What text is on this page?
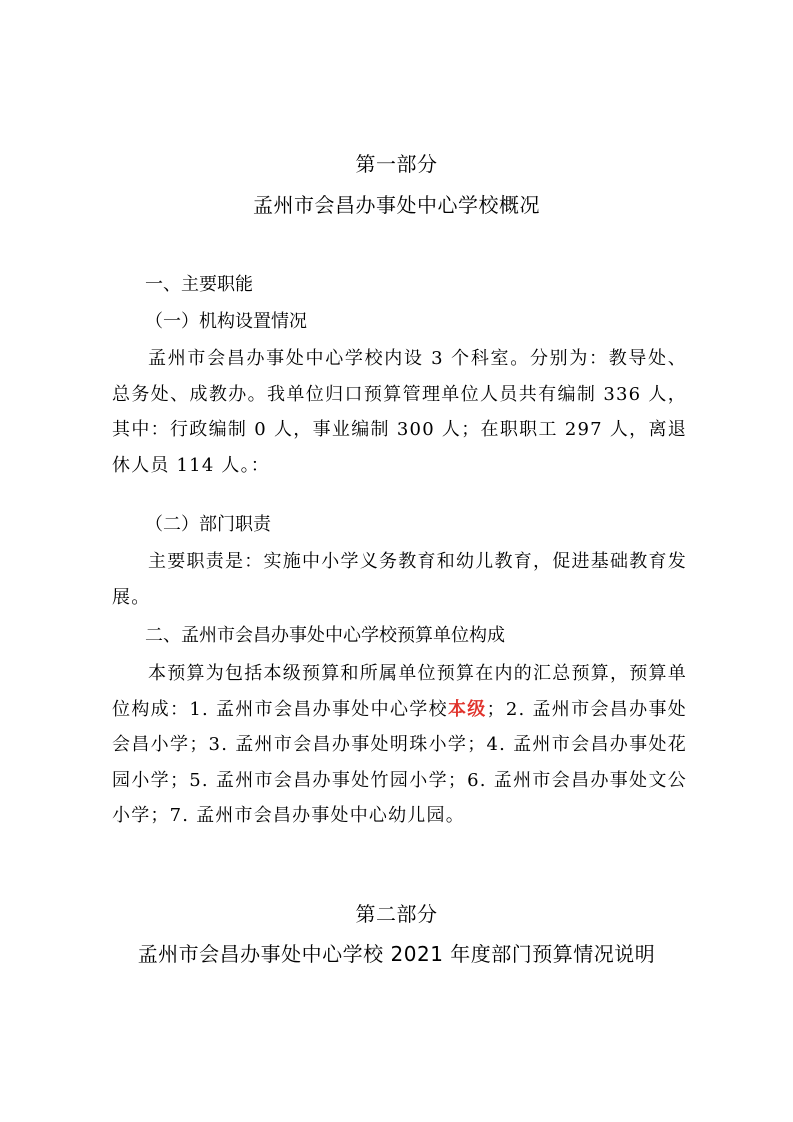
第一部分
孟州市会昌办事处中心学校概况
一、主要职能
（一）机构设置情况

孟州市会昌办事处中心学校内设 3 个科室。分别为：教导处、总务处、成教办。我单位归口预算管理单位人员共有编制 336 人，其中：行政编制 0 人，事业编制 300 人；在职职工 297 人，离退休人员 114 人。：

（二）部门职责

主要职责是：实施中小学义务教育和幼儿教育，促进基础教育发展。

二、孟州市会昌办事处中心学校预算单位构成

本预算为包括本级预算和所属单位预算在内的汇总预算，预算单位构成：1. 孟州市会昌办事处中心学校本级；2. 孟州市会昌办事处会昌小学；3. 孟州市会昌办事处明珠小学；4. 孟州市会昌办事处花园小学；5. 孟州市会昌办事处竹园小学；6. 孟州市会昌办事处文公小学；7. 孟州市会昌办事处中心幼儿园。

第二部分
孟州市会昌办事处中心学校 2021 年度部门预算情况说明
